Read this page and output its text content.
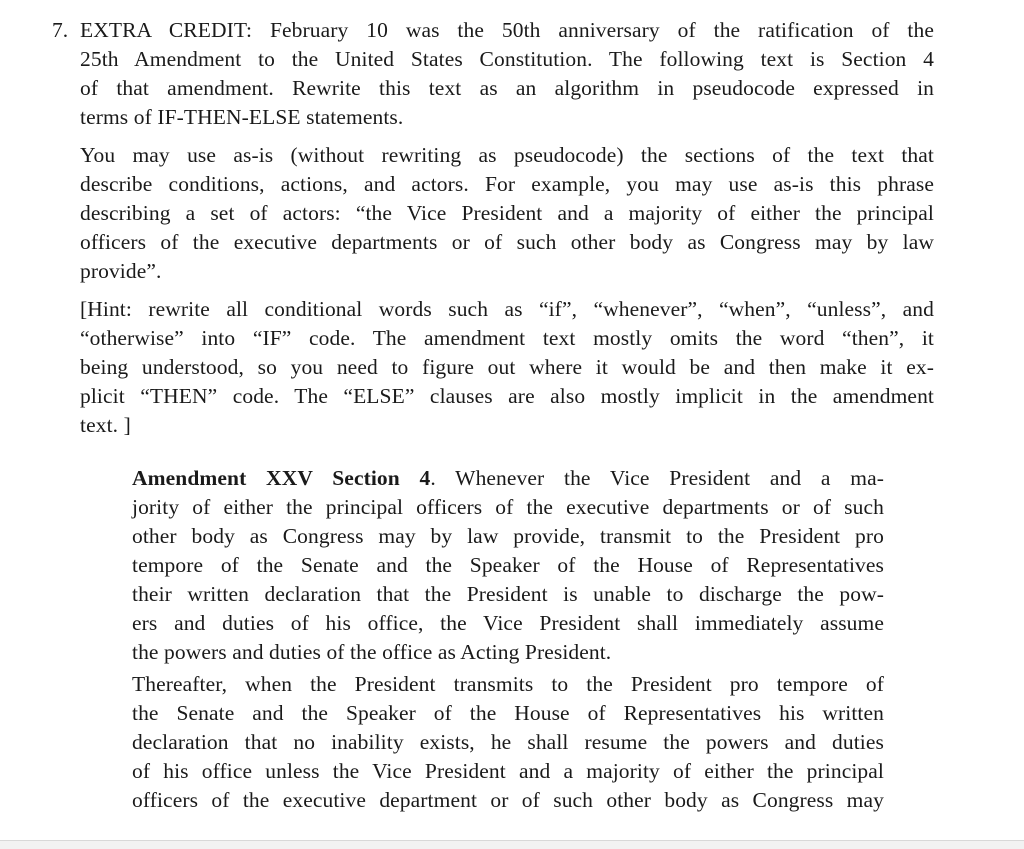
7. EXTRA CREDIT: February 10 was the 50th anniversary of the ratification of the
25th Amendment to the United States Constitution. The following text is Section 4
of that amendment. Rewrite this text as an algorithm in pseudocode expressed in
terms of IF-THEN-ELSE statements.
You may use as-is (without rewriting as pseudocode) the sections of the text that
describe conditions, actions, and actors. For example, you may use as-is this phrase
describing a set of actors: “the Vice President and a majority of either the principal
officers of the executive departments or of such other body as Congress may by law
provide”.
[Hint: rewrite all conditional words such as “if”, “whenever”, “when”, “unless”, and
“otherwise” into “IF” code. The amendment text mostly omits the word “then”, it
being understood, so you need to figure out where it would be and then make it ex-
plicit “THEN” code. The “ELSE” clauses are also mostly implicit in the amendment
text. ]
Amendment XXV Section 4. Whenever the Vice President and a ma-
jority of either the principal officers of the executive departments or of such
other body as Congress may by law provide, transmit to the President pro
tempore of the Senate and the Speaker of the House of Representatives
their written declaration that the President is unable to discharge the pow-
ers and duties of his office, the Vice President shall immediately assume
the powers and duties of the office as Acting President.
Thereafter, when the President transmits to the President pro tempore of
the Senate and the Speaker of the House of Representatives his written
declaration that no inability exists, he shall resume the powers and duties
of his office unless the Vice President and a majority of either the principal
officers of the executive department or of such other body as Congress may
